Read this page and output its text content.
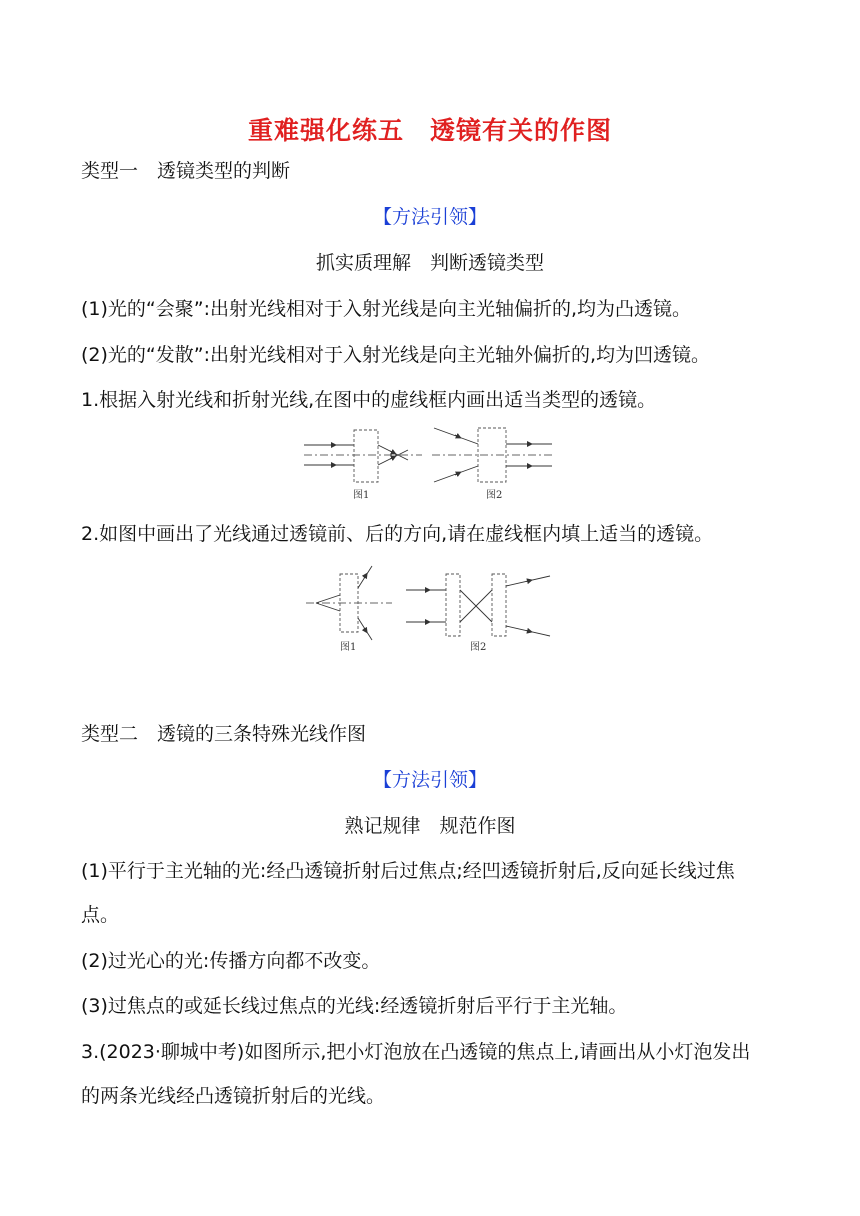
重难强化练五　透镜有关的作图
类型一　透镜类型的判断
【方法引领】
抓实质理解　判断透镜类型
(1)光的“会聚”:出射光线相对于入射光线是向主光轴偏折的,均为凸透镜。
(2)光的“发散”:出射光线相对于入射光线是向主光轴外偏折的,均为凹透镜。
1.根据入射光线和折射光线,在图中的虚线框内画出适当类型的透镜。
图1	图2
2.如图中画出了光线通过透镜前、后的方向,请在虚线框内填上适当的透镜。
图1	图2
类型二　透镜的三条特殊光线作图
【方法引领】
熟记规律　规范作图
(1)平行于主光轴的光:经凸透镜折射后过焦点;经凹透镜折射后,反向延长线过焦
点。
(2)过光心的光:传播方向都不改变。
(3)过焦点的或延长线过焦点的光线:经透镜折射后平行于主光轴。
3.(2023·聊城中考)如图所示,把小灯泡放在凸透镜的焦点上,请画出从小灯泡发出
的两条光线经凸透镜折射后的光线。
